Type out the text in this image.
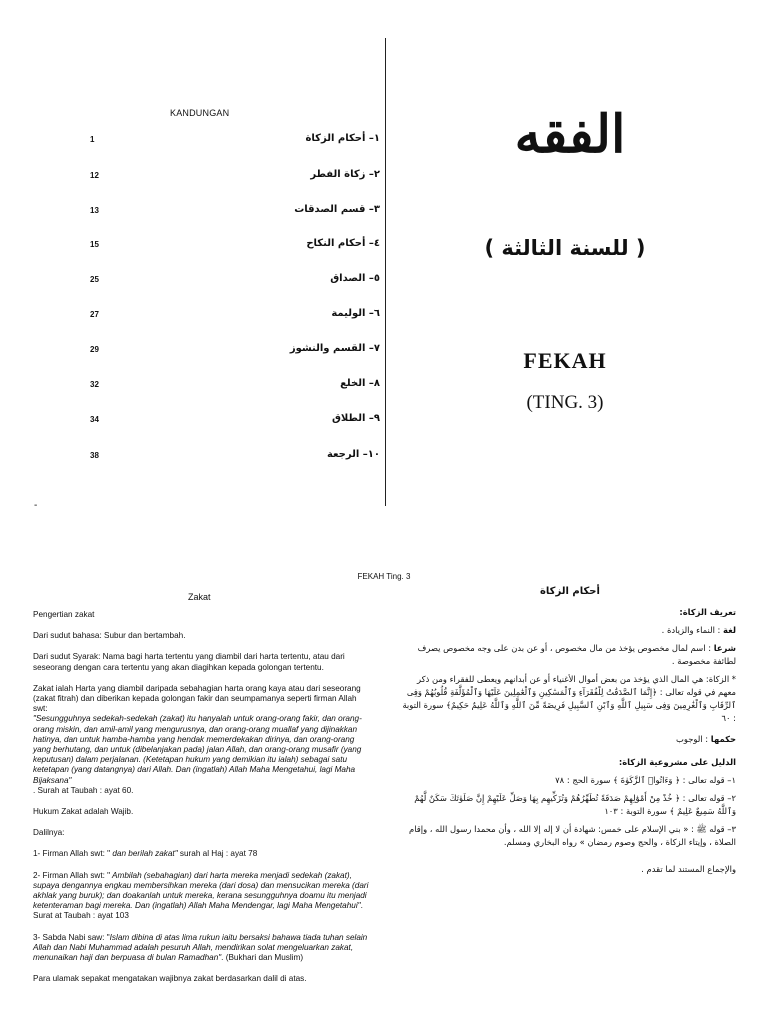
KANDUNGAN
1	١– أحكام الزكاة
12	٢– زكاة الفطر
13	٣– قسم الصدقات
15	٤– أحكام النكاح
25	٥– الصداق
27	٦– الوليمة
29	٧– القسم والنشوز
32	٨– الخلع
34	٩– الطلاق
38	١٠– الرجعة
الفقه
( للسنة الثالثة )
FEKAH
(TING. 3)
-
FEKAH Ting. 3
Zakat	أحكام الزكاة

Pengertian zakat

Dari sudut bahasa: Subur dan bertambah.

Dari sudut Syarak: Nama bagi harta tertentu yang diambil dari harta tertentu, atau dari seseorang dengan cara tertentu yang akan diagihkan kepada golongan tertentu.

Zakat ialah Harta yang diambil daripada sebahagian harta orang kaya atau dari seseorang (zakat fitrah) dan diberikan kepada golongan fakir dan seumpamanya seperti firman Allah swt:
"Sesungguhnya sedekah-sedekah (zakat) itu hanyalah untuk orang-orang fakir, dan orang-orang miskin, dan amil-amil yang mengurusnya, dan orang-orang muallaf yang dijinakkan hatinya, dan untuk hamba-hamba yang hendak memerdekakan dirinya, dan orang-orang yang berhutang, dan untuk (dibelanjakan pada) jalan Allah, dan orang-orang musafir (yang keputusan) dalam perjalanan. (Ketetapan hukum yang demikian itu ialah) sebagai satu ketetapan (yang datangnya) dari Allah. Dan (ingatlah) Allah Maha Mengetahui, lagi Maha Bijaksana"
. Surah at Taubah : ayat 60.

Hukum Zakat adalah Wajib.

Dalilnya:

1- Firman Allah swt: " dan berilah zakat" surah al Haj : ayat 78

2- Firman Allah swt: " Ambilah (sebahagian) dari harta mereka menjadi sedekah (zakat), supaya dengannya engkau membersihkan mereka (dari dosa) dan mensucikan mereka (dari akhlak yang buruk); dan doakanlah untuk mereka, kerana sesungguhnya doamu itu menjadi ketenteraman bagi mereka. Dan (ingatlah) Allah Maha Mendengar, lagi Maha Mengetahui". Surat at Taubah : ayat 103

3- Sabda Nabi saw: "Islam dibina di atas lima rukun iaitu bersaksi bahawa tiada tuhan selain Allah dan Nabi Muhammad adalah pesuruh Allah, mendirikan solat mengeluarkan zakat, menunaikan haji dan berpuasa di bulan Ramadhan". (Bukhari dan Muslim)

Para ulamak sepakat mengatakan wajibnya zakat berdasarkan dalil di atas.

تعريف الزكاة:

لغة : النماء والزيادة .

شرعا : اسم لمال مخصوص يؤخذ من مال مخصوص ، أو عن بدن على وجه مخصوص يصرف لطائفة مخصوصة .

* الزكاة: هي المال الذي يؤخذ من بعض أموال الأغنياء أو عن أبدانهم ويعطى للفقراء ومن ذكر معهم في قوله تعالى : ﴿إِنَّمَا ٱلصَّدَقَٰتُ لِلْفُقَرَآءِ وَٱلْمَسَٰكِينِ وَٱلْعَٰمِلِينَ عَلَيْهَا وَٱلْمُؤَلَّفَةِ قُلُوبُهُمْ وَفِى ٱلرِّقَابِ وَٱلْغَٰرِمِينَ وَفِى سَبِيلِ ٱللَّهِ وَٱبْنِ ٱلسَّبِيلِ فَرِيضَةً مِّنَ ٱللَّهِ وَٱللَّهُ عَلِيمٌ حَكِيمٌ﴾ سورة التوبة : ٦٠

حكمها : الوجوب

الدليل على مشروعية الزكاة:

١– قوله تعالى : ﴿ وَءَاتُوا۟ ٱلزَّكَوٰةَ ﴾ سورة الحج : ٧٨

٢– قوله تعالى : ﴿ خُذْ مِنْ أَمْوَٰلِهِمْ صَدَقَةً تُطَهِّرُهُمْ وَتُزَكِّيهِم بِهَا وَصَلِّ عَلَيْهِمْ إِنَّ صَلَوٰتَكَ سَكَنٌ لَّهُمْ وَٱللَّهُ سَمِيعٌ عَلِيمٌ ﴾ سورة التوبة : ١٠٣

٣– قوله ﷺ : « بني الإسلام على خمس: شهادة أن لا إله إلا الله ، وأن محمدا رسول الله ، وإقام الصلاة ، وإيتاء الزكاة ، والحج وصوم رمضان » رواه البخاري ومسلم.

والإجماع المستند لما تقدم .
